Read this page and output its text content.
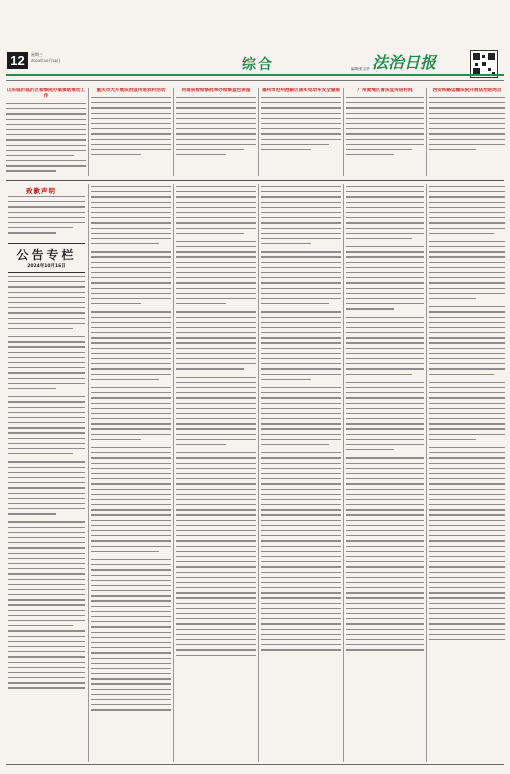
12	星期三
2024年10月16日	综合	编辑/张宝华 法治日报
山东临沂临沂区检察院办案援助推动工作
重庆市大开展法治宣传进农村活动	河南获检检察院举办检察蓝色讲座	福州市沧州港副区落实电动车安全隐患	广州黄埔区普法宣传进村院	西安铁路运输法院开展法治进网点
致歉声明
公告专栏
2024年10月16日
